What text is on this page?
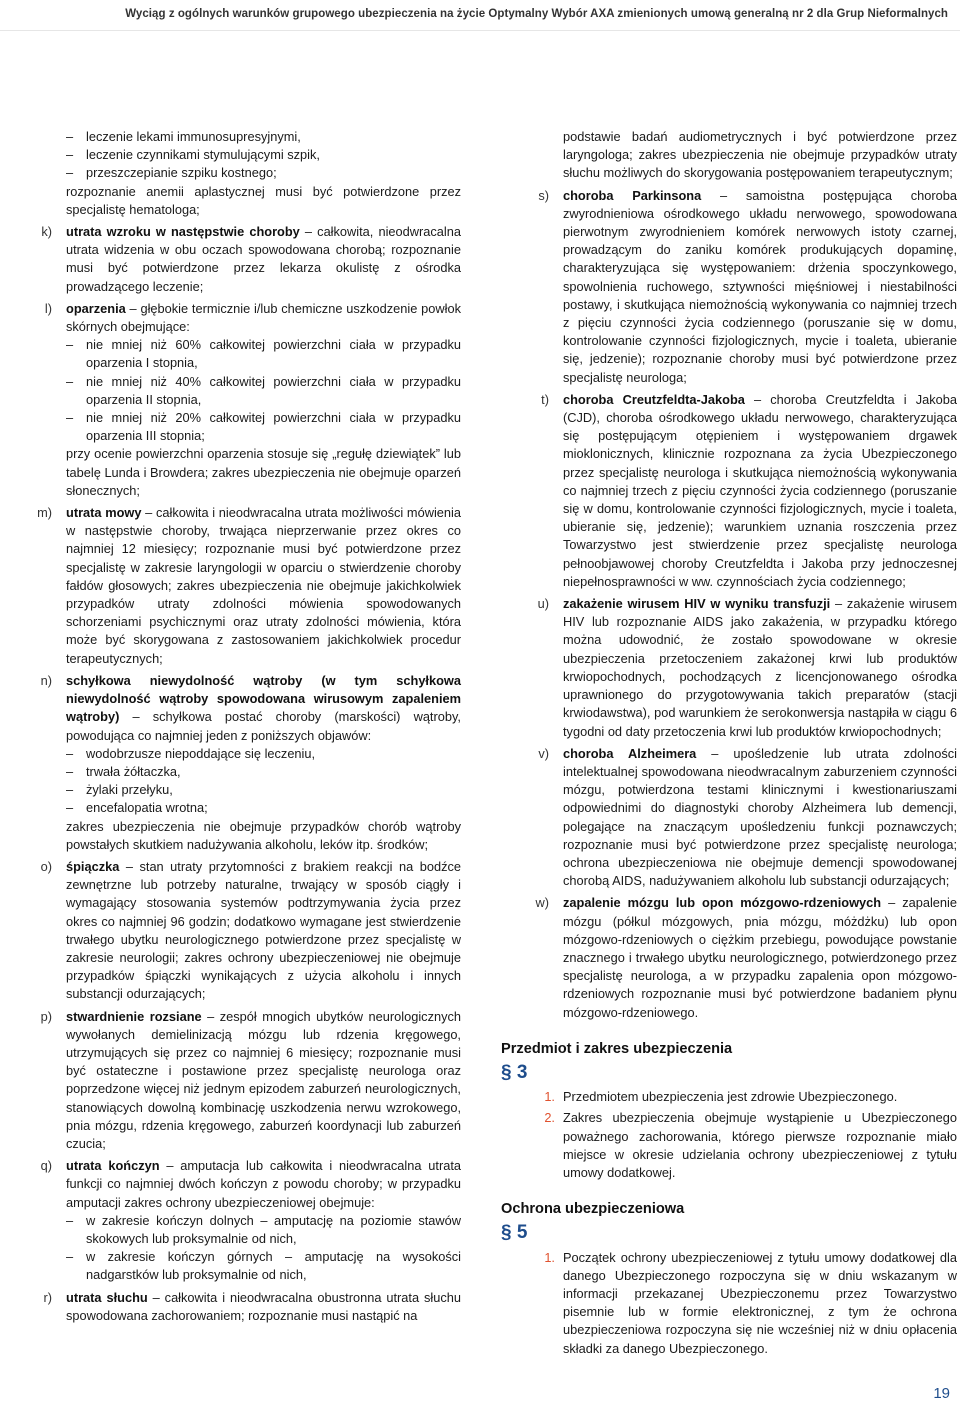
Wyciąg z ogólnych warunków grupowego ubezpieczenia na życie Optymalny Wybór AXA zmienionych umową generalną nr 2 dla Grup Nieformalnych
– leczenie lekami immunosupresyjnymi,
– leczenie czynnikami stymulującymi szpik,
– przeszczepianie szpiku kostnego;
rozpoznanie anemii aplastycznej musi być potwierdzone przez specjalistę hematologa;
k) utrata wzroku w następstwie choroby – całkowita, nieodwracalna utrata widzenia w obu oczach spowodowana chorobą; rozpoznanie musi być potwierdzone przez lekarza okulistę z ośrodka prowadzącego leczenie;
l) oparzenia – głębokie termicznie i/lub chemiczne uszkodzenie powłok skórnych obejmujące:
– nie mniej niż 60% całkowitej powierzchni ciała w przypadku oparzenia I stopnia,
– nie mniej niż 40% całkowitej powierzchni ciała w przypadku oparzenia II stopnia,
– nie mniej niż 20% całkowitej powierzchni ciała w przypadku oparzenia III stopnia;
przy ocenie powierzchni oparzenia stosuje się „regułę dziewiątek” lub tabelę Lunda i Browdera; zakres ubezpieczenia nie obejmuje oparzeń słonecznych;
m) utrata mowy – całkowita i nieodwracalna utrata możliwości mówienia w następstwie choroby, trwająca nieprzerwanie przez okres co najmniej 12 miesięcy; rozpoznanie musi być potwierdzone przez specjalistę w zakresie laryngologii w oparciu o stwierdzenie choroby fałdów głosowych; zakres ubezpieczenia nie obejmuje jakichkolwiek przypadków utraty zdolności mówienia spowodowanych schorzeniami psychicznymi oraz utraty zdolności mówienia, która może być skorygowana z zastosowaniem jakichkolwiek procedur terapeutycznych;
n) schyłkowa niewydolność wątroby (w tym schyłkowa niewydolność wątroby spowodowana wirusowym zapaleniem wątroby) – schyłkowa postać choroby (marskości) wątroby, powodująca co najmniej jeden z poniższych objawów:
– wodobrzusze niepoddające się leczeniu,
– trwała żółtaczka,
– żylaki przełyku,
– encefalopatia wrotna;
zakres ubezpieczenia nie obejmuje przypadków chorób wątroby powstałych skutkiem nadużywania alkoholu, leków itp. środków;
o) śpiączka – stan utraty przytomności z brakiem reakcji na bodźce zewnętrzne lub potrzeby naturalne, trwający w sposób ciągły i wymagający stosowania systemów podtrzymywania życia przez okres co najmniej 96 godzin; dodatkowo wymagane jest stwierdzenie trwałego ubytku neurologicznego potwierdzone przez specjalistę w zakresie neurologii; zakres ochrony ubezpieczeniowej nie obejmuje przypadków śpiączki wynikających z użycia alkoholu i innych substancji odurzających;
p) stwardnienie rozsiane – zespół mnogich ubytków neurologicznych wywołanych demielinizacją mózgu lub rdzenia kręgowego, utrzymujących się przez co najmniej 6 miesięcy; rozpoznanie musi być ostateczne i postawione przez specjalistę neurologa oraz poprzedzone więcej niż jednym epizodem zaburzeń neurologicznych, stanowiących dowolną kombinację uszkodzenia nerwu wzrokowego, pnia mózgu, rdzenia kręgowego, zaburzeń koordynacji lub zaburzeń czucia;
q) utrata kończyn – amputacja lub całkowita i nieodwracalna utrata funkcji co najmniej dwóch kończyn z powodu choroby; w przypadku amputacji zakres ochrony ubezpieczeniowej obejmuje:
– w zakresie kończyn dolnych – amputację na poziomie stawów skokowych lub proksymalnie od nich,
– w zakresie kończyn górnych – amputację na wysokości nadgarstków lub proksymalnie od nich,
r) utrata słuchu – całkowita i nieodwracalna obustronna utrata słuchu spowodowana zachorowaniem; rozpoznanie musi nastąpić na
podstawie badań audiometrycznych i być potwierdzone przez laryngologa; zakres ubezpieczenia nie obejmuje przypadków utraty słuchu możliwych do skorygowania postępowaniem terapeutycznym;
s) choroba Parkinsona – samoistna postępująca choroba zwyrodnieniowa ośrodkowego układu nerwowego, spowodowana pierwotnym zwyrodnieniem komórek nerwowych istoty czarnej, prowadzącym do zaniku komórek produkujących dopaminę, charakteryzująca się występowaniem: drżenia spoczynkowego, spowolnienia ruchowego, sztywności mięśniowej i niestabilności postawy, i skutkująca niemożnością wykonywania co najmniej trzech z pięciu czynności życia codziennego (poruszanie się w domu, kontrolowanie czynności fizjologicznych, mycie i toaleta, ubieranie się, jedzenie); rozpoznanie choroby musi być potwierdzone przez specjalistę neurologa;
t) choroba Creutzfeldta-Jakoba – choroba Creutzfeldta i Jakoba (CJD), choroba ośrodkowego układu nerwowego, charakteryzująca się postępującym otępieniem i występowaniem drgawek mioklonicznych, klinicznie rozpoznana za życia Ubezpieczonego przez specjalistę neurologa i skutkująca niemożnością wykonywania co najmniej trzech z pięciu czynności życia codziennego (poruszanie się w domu, kontrolowanie czynności fizjologicznych, mycie i toaleta, ubieranie się, jedzenie); warunkiem uznania roszczenia przez Towarzystwo jest stwierdzenie przez specjalistę neurologa pełnoobjawowej choroby Creutzfeldta i Jakoba przy jednoczesnej niepełnosprawności w ww. czynnościach życia codziennego;
u) zakażenie wirusem HIV w wyniku transfuzji – zakażenie wirusem HIV lub rozpoznanie AIDS jako zakażenia, w przypadku którego można udowodnić, że zostało spowodowane w okresie ubezpieczenia przetoczeniem zakażonej krwi lub produktów krwiopochodnych, pochodzących z licencjonowanego ośrodka uprawnionego do przygotowywania takich preparatów (stacji krwiodawstwa), pod warunkiem że serokonwersja nastąpiła w ciągu 6 tygodni od daty przetoczenia krwi lub produktów krwiopochodnych;
v) choroba Alzheimera – upośledzenie lub utrata zdolności intelektualnej spowodowana nieodwracalnym zaburzeniem czynności mózgu, potwierdzona testami klinicznymi i kwestionariuszami odpowiednimi do diagnostyki choroby Alzheimera lub demencji, polegające na znaczącym upośledzeniu funkcji poznawczych; rozpoznanie musi być potwierdzone przez specjalistę neurologa; ochrona ubezpieczeniowa nie obejmuje demencji spowodowanej chorobą AIDS, nadużywaniem alkoholu lub substancji odurzających;
w) zapalenie mózgu lub opon mózgowo-rdzeniowych – zapalenie mózgu (półkul mózgowych, pnia mózgu, móżdżku) lub opon mózgowo-rdzeniowych o ciężkim przebiegu, powodujące powstanie znacznego i trwałego ubytku neurologicznego, potwierdzonego przez specjalistę neurologa, a w przypadku zapalenia opon mózgowo-rdzeniowych rozpoznanie musi być potwierdzone badaniem płynu mózgowo-rdzeniowego.
Przedmiot i zakres ubezpieczenia
§ 3
1. Przedmiotem ubezpieczenia jest zdrowie Ubezpieczonego.
2. Zakres ubezpieczenia obejmuje wystąpienie u Ubezpieczonego poważnego zachorowania, którego pierwsze rozpoznanie miało miejsce w okresie udzielania ochrony ubezpieczeniowej z tytułu umowy dodatkowej.
Ochrona ubezpieczeniowa
§ 5
1. Początek ochrony ubezpieczeniowej z tytułu umowy dodatkowej dla danego Ubezpieczonego rozpoczyna się w dniu wskazanym w informacji przekazanej Ubezpieczonemu przez Towarzystwo pisemnie lub w formie elektronicznej, z tym że ochrona ubezpieczeniowa rozpoczyna się nie wcześniej niż w dniu opłacenia składki za danego Ubezpieczonego.
19
